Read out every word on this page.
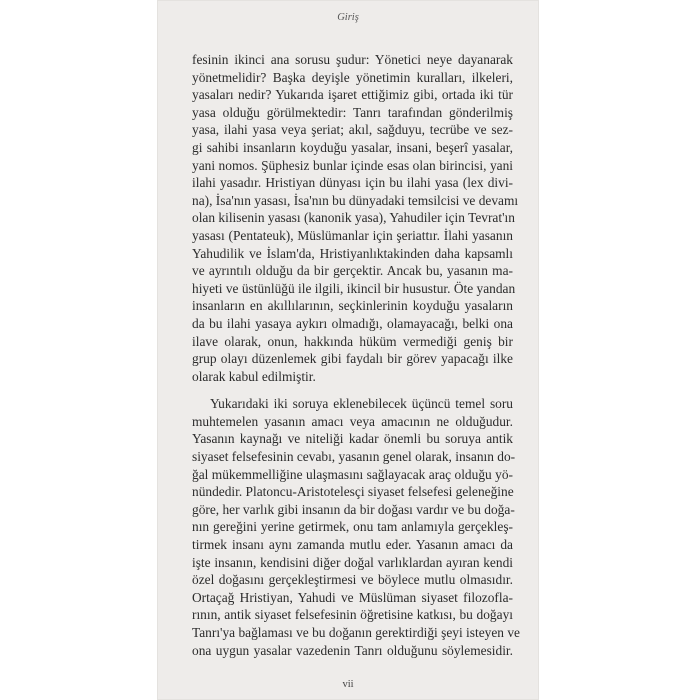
Giriş
fesinin ikinci ana sorusu şudur: Yönetici neye dayanarak
yönetmelidir? Başka deyişle yönetimin kuralları, ilkeleri,
yasaları nedir? Yukarıda işaret ettiğimiz gibi, ortada iki tür
yasa olduğu görülmektedir: Tanrı tarafından gönderilmiş
yasa, ilahi yasa veya şeriat; akıl, sağduyu, tecrübe ve sez-
gi sahibi insanların koyduğu yasalar, insani, beşerî yasalar,
yani nomos. Şüphesiz bunlar içinde esas olan birincisi, yani
ilahi yasadır. Hristiyan dünyası için bu ilahi yasa (lex divi-
na), İsa'nın yasası, İsa'nın bu dünyadaki temsilcisi ve devamı
olan kilisenin yasası (kanonik yasa), Yahudiler için Tevrat'ın
yasası (Pentateuk), Müslümanlar için şeriattır. İlahi yasanın
Yahudilik ve İslam'da, Hristiyanlıktakinden daha kapsamlı
ve ayrıntılı olduğu da bir gerçektir. Ancak bu, yasanın ma-
hiyeti ve üstünlüğü ile ilgili, ikincil bir husustur. Öte yandan
insanların en akıllılarının, seçkinlerinin koyduğu yasaların
da bu ilahi yasaya aykırı olmadığı, olamayacağı, belki ona
ilave olarak, onun, hakkında hüküm vermediği geniş bir
grup olayı düzenlemek gibi faydalı bir görev yapacağı ilke
olarak kabul edilmiştir.
Yukarıdaki iki soruya eklenebilecek üçüncü temel soru
muhtemelen yasanın amacı veya amacının ne olduğudur.
Yasanın kaynağı ve niteliği kadar önemli bu soruya antik
siyaset felsefesinin cevabı, yasanın genel olarak, insanın do-
ğal mükemmelliğine ulaşmasını sağlayacak araç olduğu yö-
nündedir. Platoncu-Aristotelesçi siyaset felsefesi geleneğine
göre, her varlık gibi insanın da bir doğası vardır ve bu doğa-
nın gereğini yerine getirmek, onu tam anlamıyla gerçekleş-
tirmek insanı aynı zamanda mutlu eder. Yasanın amacı da
işte insanın, kendisini diğer doğal varlıklardan ayıran kendi
özel doğasını gerçekleştirmesi ve böylece mutlu olmasıdır.
Ortaçağ Hristiyan, Yahudi ve Müslüman siyaset filozofla-
rının, antik siyaset felsefesinin öğretisine katkısı, bu doğayı
Tanrı'ya bağlaması ve bu doğanın gerektirdiği şeyi isteyen ve
ona uygun yasalar vazedenin Tanrı olduğunu söylemesidir.
vii
